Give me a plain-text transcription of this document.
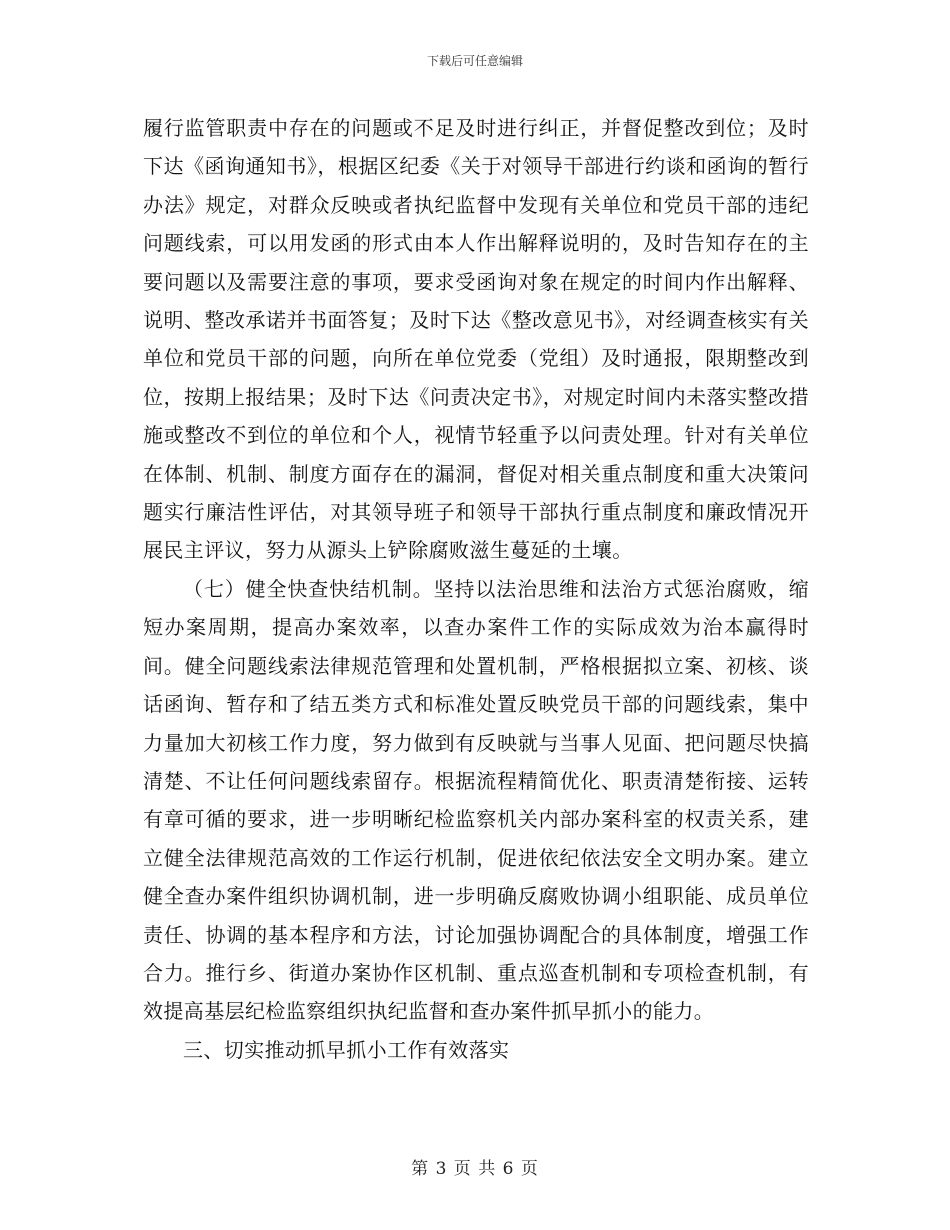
下载后可任意编辑

履行监管职责中存在的问题或不足及时进行纠正，并督促整改到位；及时下达《函询通知书》，根据区纪委《关于对领导干部进行约谈和函询的暂行办法》规定，对群众反映或者执纪监督中发现有关单位和党员干部的违纪问题线索，可以用发函的形式由本人作出解释说明的，及时告知存在的主要问题以及需要注意的事项，要求受函询对象在规定的时间内作出解释、说明、整改承诺并书面答复；及时下达《整改意见书》，对经调查核实有关单位和党员干部的问题，向所在单位党委（党组）及时通报，限期整改到位，按期上报结果；及时下达《问责决定书》，对规定时间内未落实整改措施或整改不到位的单位和个人，视情节轻重予以问责处理。针对有关单位在体制、机制、制度方面存在的漏洞，督促对相关重点制度和重大决策问题实行廉洁性评估，对其领导班子和领导干部执行重点制度和廉政情况开展民主评议，努力从源头上铲除腐败滋生蔓延的土壤。

（七）健全快查快结机制。坚持以法治思维和法治方式惩治腐败，缩短办案周期，提高办案效率，以查办案件工作的实际成效为治本赢得时间。健全问题线索法律规范管理和处置机制，严格根据拟立案、初核、谈话函询、暂存和了结五类方式和标准处置反映党员干部的问题线索，集中力量加大初核工作力度，努力做到有反映就与当事人见面、把问题尽快搞清楚、不让任何问题线索留存。根据流程精简优化、职责清楚衔接、运转有章可循的要求，进一步明晰纪检监察机关内部办案科室的权责关系，建立健全法律规范高效的工作运行机制，促进依纪依法安全文明办案。建立健全查办案件组织协调机制，进一步明确反腐败协调小组职能、成员单位责任、协调的基本程序和方法，讨论加强协调配合的具体制度，增强工作合力。推行乡、街道办案协作区机制、重点巡查机制和专项检查机制，有效提高基层纪检监察组织执纪监督和查办案件抓早抓小的能力。

三、切实推动抓早抓小工作有效落实

第 3 页 共 6 页
